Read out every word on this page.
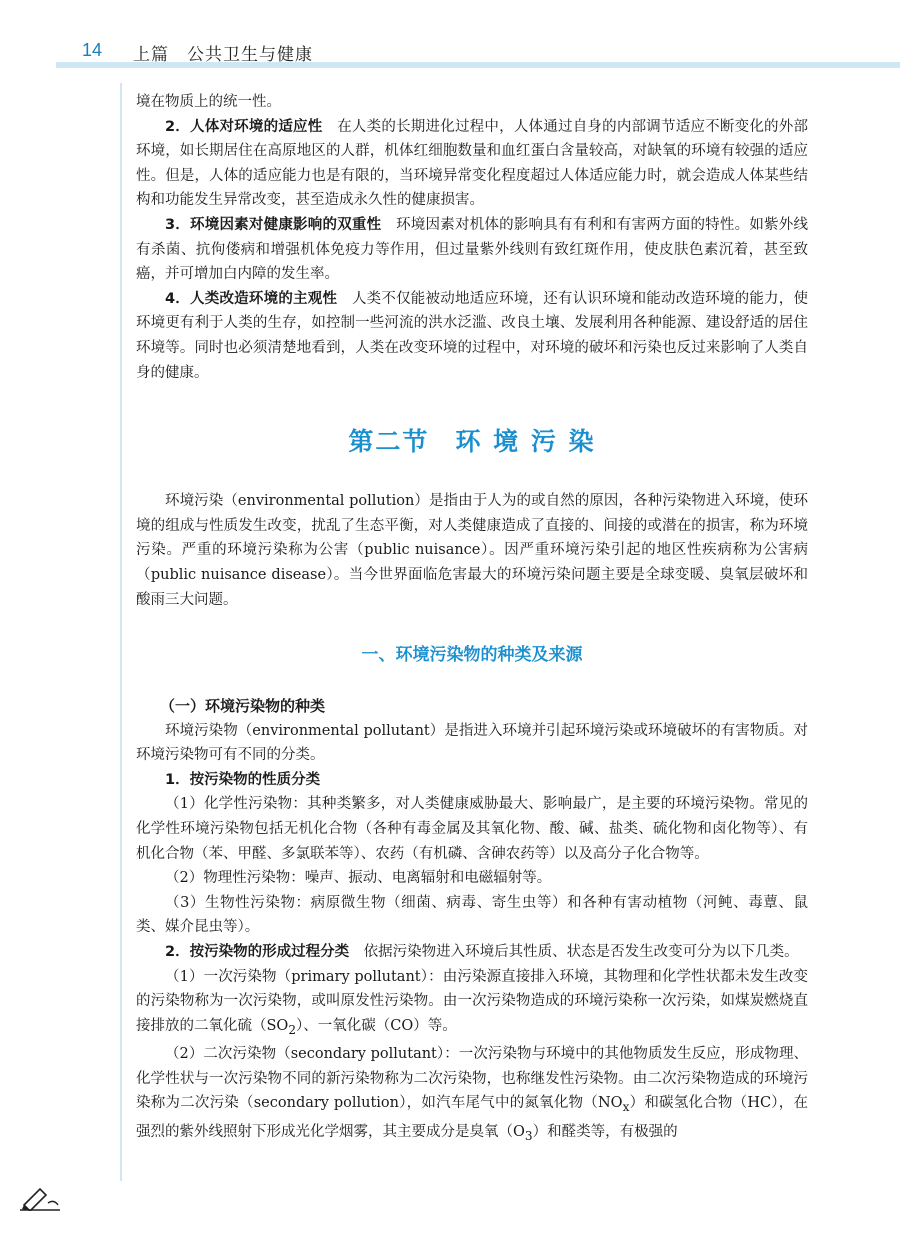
14 上篇　公共卫生与健康

境在物质上的统一性。

2．人体对环境的适应性　 在人类的长期进化过程中，人体通过自身的内部调节适应不断变化的外部环境，如长期居住在高原地区的人群，机体红细胞数量和血红蛋白含量较高，对缺氧的环境有较强的适应性。但是，人体的适应能力也是有限的，当环境异常变化程度超过人体适应能力时，就会造成人体某些结构和功能发生异常改变，甚至造成永久性的健康损害。

3．环境因素对健康影响的双重性　 环境因素对机体的影响具有有利和有害两方面的特性。如紫外线有杀菌、抗佝偻病和增强机体免疫力等作用，但过量紫外线则有致红斑作用，使皮肤色素沉着，甚至致癌，并可增加白内障的发生率。

4．人类改造环境的主观性　 人类不仅能被动地适应环境，还有认识环境和能动改造环境的能力，使环境更有利于人类的生存，如控制一些河流的洪水泛滥、改良土壤、发展利用各种能源、建设舒适的居住环境等。同时也必须清楚地看到，人类在改变环境的过程中，对环境的破坏和污染也反过来影响了人类自身的健康。

第二节 环 境 污 染

环境污染（environmental pollution）是指由于人为的或自然的原因，各种污染物进入环境，使环境的组成与性质发生改变，扰乱了生态平衡，对人类健康造成了直接的、间接的或潜在的损害，称为环境污染。严重的环境污染称为公害（public nuisance）。因严重环境污染引起的地区性疾病称为公害病（public nuisance disease）。当今世界面临危害最大的环境污染问题主要是全球变暖、臭氧层破坏和酸雨三大问题。

一、环境污染物的种类及来源
（一）环境污染物的种类

环境污染物（environmental pollutant）是指进入环境并引起环境污染或环境破坏的有害物质。对环境污染物可有不同的分类。

1．按污染物的性质分类

（1）化学性污染物：其种类繁多，对人类健康威胁最大、影响最广，是主要的环境污染物。常见的化学性环境污染物包括无机化合物（各种有毒金属及其氧化物、酸、碱、盐类、硫化物和卤化物等）、有机化合物（苯、甲醛、多氯联苯等）、农药（有机磷、含砷农药等）以及高分子化合物等。

（2）物理性污染物：噪声、振动、电离辐射和电磁辐射等。

（3）生物性污染物：病原微生物（细菌、病毒、寄生虫等）和各种有害动植物（河鲀、毒蕈、鼠类、媒介昆虫等）。

2．按污染物的形成过程分类　 依据污染物进入环境后其性质、状态是否发生改变可分为以下几类。

（1）一次污染物（primary pollutant）：由污染源直接排入环境，其物理和化学性状都未发生改变的污染物称为一次污染物，或叫原发性污染物。由一次污染物造成的环境污染称一次污染，如煤炭燃烧直接排放的二氧化硫$(SO_2)$、一氧化碳（CO）等。

（2）二次污染物（secondary pollutant）：一次污染物与环境中的其他物质发生反应，形成物理、化学性状与一次污染物不同的新污染物称为二次污染物，也称继发性污染物。由二次污染物造成的环境污染称为二次污染（secondary pollution），如汽车尾气中的氮氧化物$(NO_x)$和碳氢化合物（HC），在强烈的紫外线照射下形成光化学烟雾，其主要成分是臭氧$(O_3)$和醛类等，有极强的
